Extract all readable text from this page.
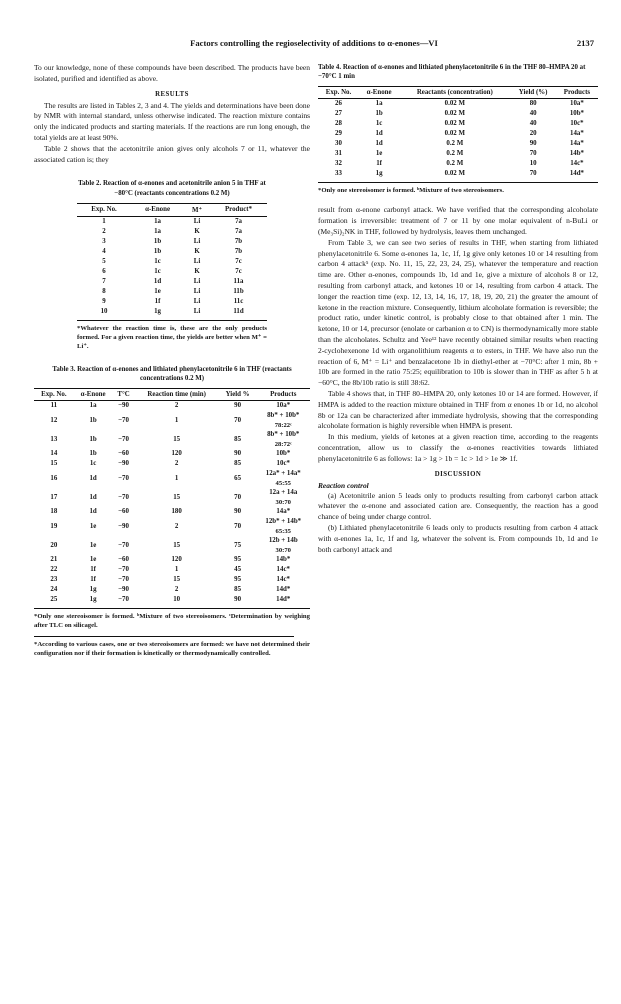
Factors controlling the regioselectivity of additions to α-enones—VI	2137

To our knowledge, none of these compounds have been described. The products have been isolated, purified and identified as above.

RESULTS

The results are listed in Tables 2, 3 and 4. The yields and determinations have been done by NMR with internal standard, unless otherwise indicated. The reaction mixture contains only the indicated products and starting materials. If the reactions are run long enough, the total yields are at least 90%.

Table 2 shows that the acetonitrile anion gives only alcohols 7 or 11, whatever the associated cation is; they

Table 2. Reaction of α-enones and acetonitrile anion 5 in THF at −80°C (reactants concentrations 0.2 M)
Exp. No.	α-Enone	M⁺	Product*
1	1a	Li	7a
2	1a	K	7a
3	1b	Li	7b
4	1b	K	7b
5	1c	Li	7c
6	1c	K	7c
7	1d	Li	11a
8	1e	Li	11b
9	1f	Li	11c
10	1g	Li	11d
*Whatever the reaction time is, these are the only products formed. For a given reaction time, the yields are better when M⁺ = Li⁺.
Table 3. Reaction of α-enones and lithiated phenylacetonitrile 6 in THF (reactants concentrations 0.2 M)
Exp. No.	α-Enone	T°C	Reaction time (min)	Yield %	Products
11	1a	−90	2	90	10a*
12	1b	−70	1	70	8b* + 10b*
78:22ᶜ

13	1b	−70	15	85	8b* + 10b*
28:72ᶜ

14	1b	−60	120	90	10b*
15	1c	−90	2	85	10c*
16	1d	−70	1	65	12a* + 14a*
45:55

17	1d	−70	15	70	12a + 14a
30:70

18	1d	−60	180	90	14a*
19	1e	−90	2	70	12b* + 14b*
65:35

20	1e	−70	15	75	12b + 14b
30:70

21	1e	−60	120	95	14b*
22	1f	−70	1	45	14c*
23	1f	−70	15	95	14c*
24	1g	−90	2	85	14d*
25	1g	−70	10	90	14d*
*Only one stereoisomer is formed. ᵇMixture of two stereoisomers. ᶜDetermination by weighing after TLC on silicagel.
*According to various cases, one or two stereoisomers are formed: we have not determined their configuration nor if their formation is kinetically or thermodynamically controlled.
Table 4. Reaction of α-enones and lithiated phenylacetonitrile 6 in the THF 80–HMPA 20 at −70°C 1 min
Exp. No.	α-Enone	Reactants (concentration)	Yield (%)	Products
26	1a	0.02 M	80	10a*
27	1b	0.02 M	40	10b*
28	1c	0.02 M	40	10c*
29	1d	0.02 M	20	14a*
30	1d	0.2 M	90	14a*
31	1e	0.2 M	70	14b*
32	1f	0.2 M	10	14c*
33	1g	0.02 M	70	14d*
*Only one stereoisomer is formed. ᵇMixture of two stereoisomers.

result from α-enone carbonyl attack. We have verified that the corresponding alcoholate formation is irreversible: treatment of 7 or 11 by one molar equivalent of n-BuLi or (Me₃Si)₂NK in THF, followed by hydrolysis, leaves them unchanged.

From Table 3, we can see two series of results in THF, when starting from lithiated phenylacetonitrile 6. Some α-enones 1a, 1c, 1f, 1g give only ketones 10 or 14 resulting from carbon 4 attack⁵ (exp. No. 11, 15, 22, 23, 24, 25), whatever the temperature and reaction time are. Other α-enones, compounds 1b, 1d and 1e, give a mixture of alcohols 8 or 12, resulting from carbonyl attack, and ketones 10 or 14, resulting from carbon 4 attack. The longer the reaction time (exp. 12, 13, 14, 16, 17, 18, 19, 20, 21) the greater the amount of ketone in the reaction mixture. Consequently, lithium alcoholate formation is reversible; the product ratio, under kinetic control, is probably close to that obtained after 1 min. The ketone, 10 or 14, precursor (enolate or carbanion α to CN) is thermodynamically more stable than the alcoholates. Schultz and Yee¹² have recently obtained similar results when reacting 2-cyclohexenone 1d with organolithium reagents α to esters, in THF. We have also run the reaction of 6, M⁺ = Li⁺ and benzalacetone 1b in diethyl-ether at −70°C: after 1 min, 8b + 10b are formed in the ratio 75:25; equilibration to 10b is slower than in THF as after 5 h at −60°C, the 8b/10b ratio is still 38:62.

Table 4 shows that, in THF 80–HMPA 20, only ketones 10 or 14 are formed. However, if HMPA is added to the reaction mixture obtained in THF from α enones 1b or 1d, no alcohol 8b or 12a can be characterized after immediate hydrolysis, showing that the corresponding alcoholate formation is highly reversible when HMPA is present.

In this medium, yields of ketones at a given reaction time, according to the reagents concentration, allow us to classify the α-enones reactivities towards lithiated phenylacetonitrile 6 as follows: 1a > 1g > 1b = 1c > 1d > 1e ≫ 1f.

DISCUSSION
Reaction control

(a) Acetonitrile anion 5 leads only to products resulting from carbonyl carbon attack whatever the α-enone and associated cation are. Consequently, the reaction has a good chance of being under charge control.

(b) Lithiated phenylacetonitrile 6 leads only to products resulting from carbon 4 attack with α-enones 1a, 1c, 1f and 1g, whatever the solvent is. From compounds 1b, 1d and 1e both carbonyl attack and
